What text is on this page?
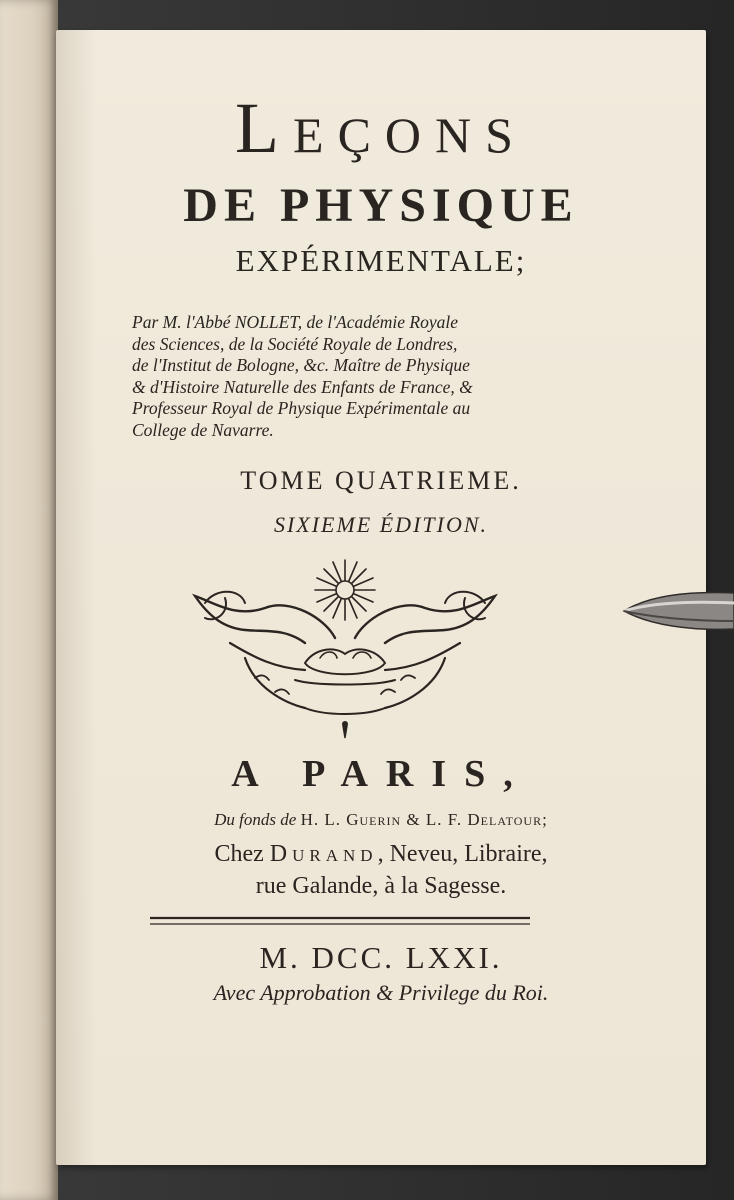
Leçons
DE PHYSIQUE
EXPÉRIMENTALE;
Par M. l'Abbé NOLLET, de l'Académie Royale
des Sciences, de la Société Royale de Londres,
de l'Institut de Bologne, &c. Maître de Physique
& d'Histoire Naturelle des Enfants de France, &
Professeur Royal de Physique Expérimentale au
College de Navarre.
TOME QUATRIEME.
SIXIEME ÉDITION.
A PARIS,
Du fonds de H. L. Guerin & L. F. Delatour;
Chez Durand, Neveu, Libraire,
rue Galande, à la Sagesse.
M. DCC. LXXI.
Avec Approbation & Privilege du Roi.
